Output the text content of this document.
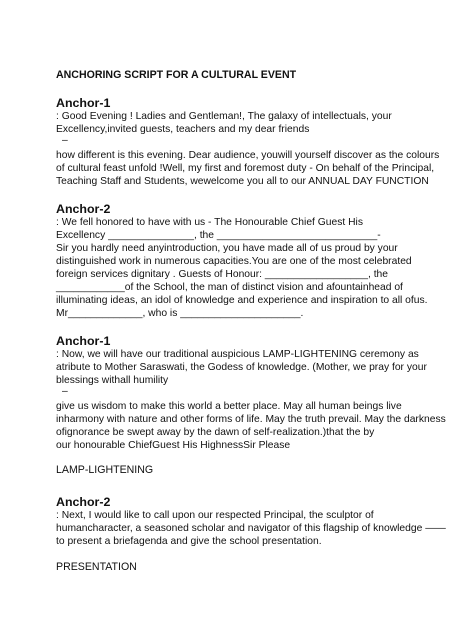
ANCHORING SCRIPT FOR A CULTURAL EVENT
Anchor-1
: Good Evening ! Ladies and Gentleman!, The galaxy of intellectuals, your
Excellency,invited guests, teachers and my dear friends
–
how different is this evening. Dear audience, youwill yourself discover as the colours
of cultural feast unfold !Well, my first and foremost duty - On behalf of the Principal,
Teaching Staff and Students, wewelcome you all to our ANNUAL DAY FUNCTION
Anchor-2
: We fell honored to have with us - The Honourable Chief Guest His
Excellency _______________, the ____________________________-
Sir you hardly need anyintroduction, you have made all of us proud by your
distinguished work in numerous capacities.You are one of the most celebrated
foreign services dignitary . Guests of Honour: __________________, the
____________of the School, the man of distinct vision and afountainhead of
illuminating ideas, an idol of knowledge and experience and inspiration to all ofus.
Mr_____________, who is _____________________.
Anchor-1
: Now, we will have our traditional auspicious LAMP-LIGHTENING ceremony as
atribute to Mother Saraswati, the Godess of knowledge. (Mother, we pray for your
blessings withall humility
–
give us wisdom to make this world a better place. May all human beings live
inharmony with nature and other forms of life. May the truth prevail. May the darkness
ofignorance be swept away by the dawn of self-realization.)that the by
our honourable ChiefGuest His HighnessSir Please
LAMP-LIGHTENING
Anchor-2
: Next, I would like to call upon our respected Principal, the sculptor of
humancharacter, a seasoned scholar and navigator of this flagship of knowledge ——
to present a briefagenda and give the school presentation.
PRESENTATION
